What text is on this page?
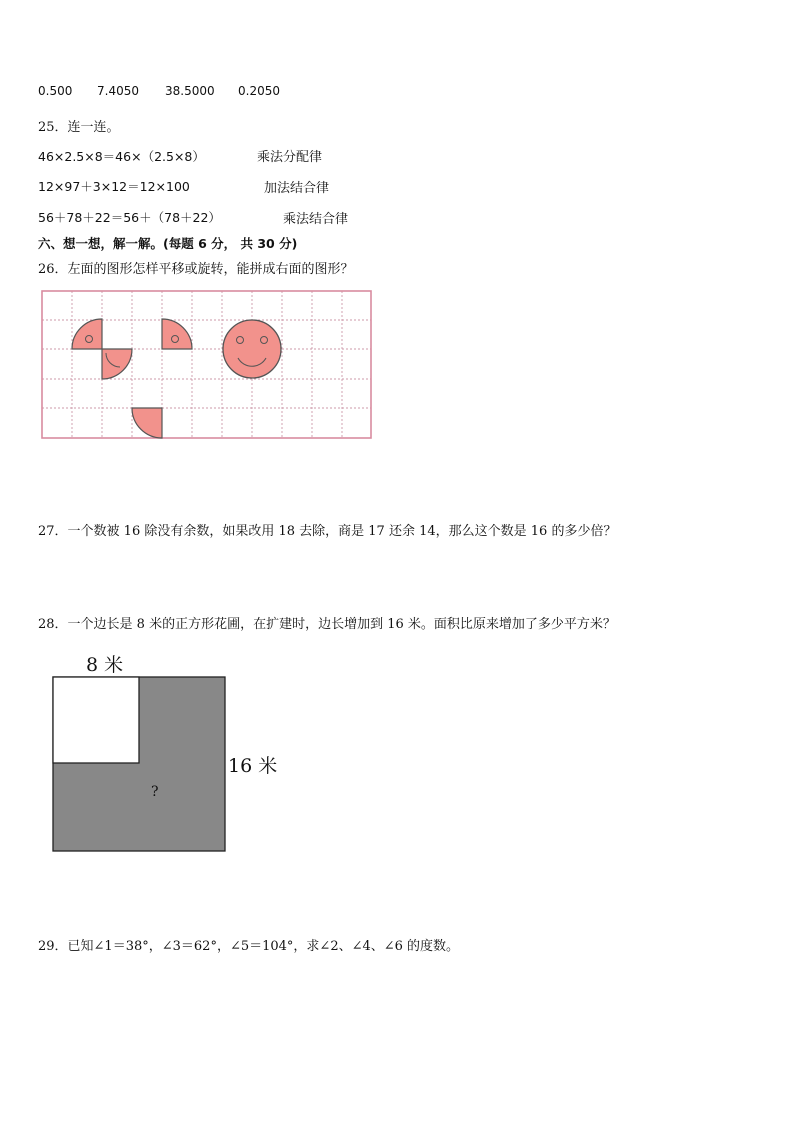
0.500 7.4050 38.5000 0.2050
25．连一连。
46×2.5×8＝46×（2.5×8）
12×97＋3×12＝12×100
56＋78＋22＝56＋（78＋22）
乘法分配律
加法结合律
乘法结合律
六、想一想，解一解。(每题 6 分， 共 30 分)
26．左面的图形怎样平移或旋转，能拼成右面的图形？
27．一个数被 16 除没有余数，如果改用 18 去除，商是 17 还余 14，那么这个数是 16 的多少倍？
28．一个边长是 8 米的正方形花圃，在扩建时，边长增加到 16 米。面积比原来增加了多少平方米？
8 米
?
16 米
29．已知∠1＝38°，∠3＝62°，∠5＝104°，求∠2、∠4、∠6 的度数。
